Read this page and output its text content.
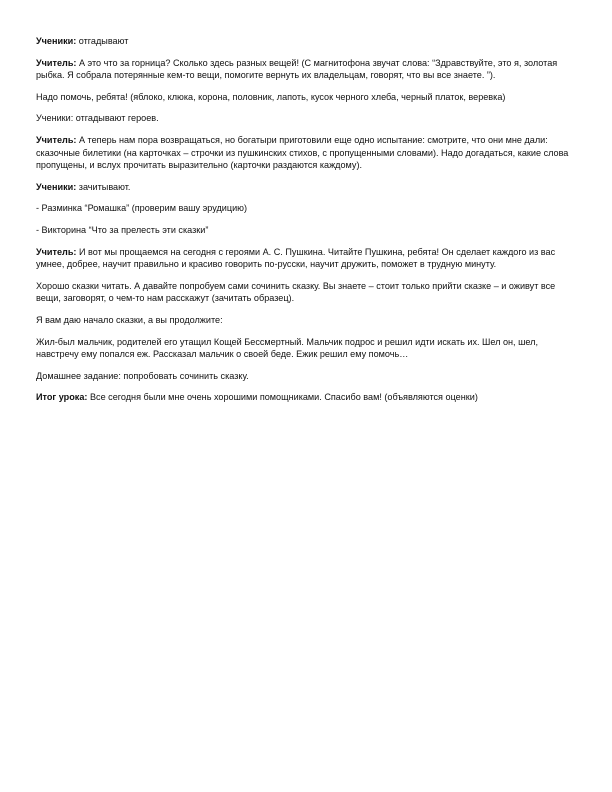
Ученики: отгадывают

Учитель: А это что за горница? Сколько здесь разных вещей! (С магнитофона звучат слова: “Здравствуйте, это я, золотая рыбка. Я собрала потерянные кем-то вещи, помогите вернуть их владельцам, говорят, что вы все знаете. ”).

Надо помочь, ребята! (яблоко, клюка, корона, половник, лапоть, кусок черного хлеба, черный платок, веревка)

Ученики: отгадывают героев.

Учитель: А теперь нам пора возвращаться, но богатыри приготовили еще одно испытание: смотрите, что они мне дали: сказочные билетики (на карточках – строчки из пушкинских стихов, с пропущенными словами). Надо догадаться, какие слова пропущены, и вслух прочитать выразительно (карточки раздаются каждому).

Ученики: зачитывают.

- Разминка “Ромашка” (проверим вашу эрудицию)

- Викторина “Что за прелесть эти сказки”

Учитель: И вот мы прощаемся на сегодня с героями А. С. Пушкина. Читайте Пушкина, ребята! Он сделает каждого из вас умнее, добрее, научит правильно и красиво говорить по-русски, научит дружить, поможет в трудную минуту.

Хорошо сказки читать. А давайте попробуем сами сочинить сказку. Вы знаете – стоит только прийти сказке – и оживут все вещи, заговорят, о чем-то нам расскажут (зачитать образец).

Я вам даю начало сказки, а вы продолжите:

Жил-был мальчик, родителей его утащил Кощей Бессмертный. Мальчик подрос и решил идти искать их. Шел он, шел, навстречу ему попался еж. Рассказал мальчик о своей беде. Ежик решил ему помочь…

Домашнее задание: попробовать сочинить сказку.

Итог урока: Все сегодня были мне очень хорошими помощниками. Спасибо вам! (объявляются оценки)
